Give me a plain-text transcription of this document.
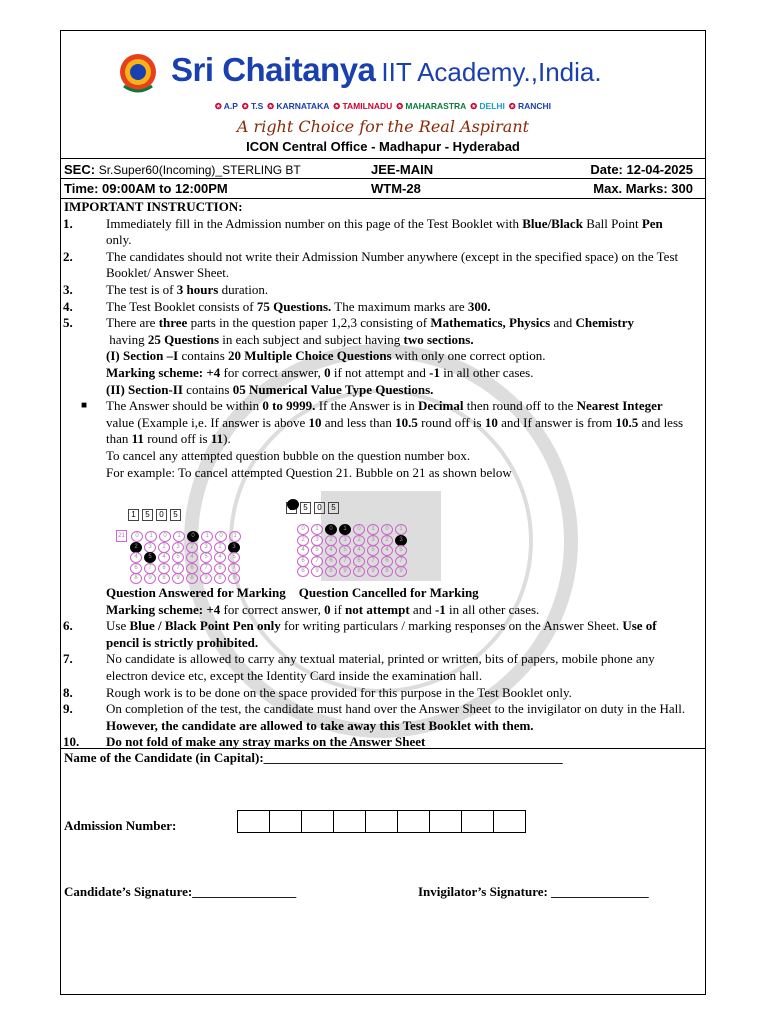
Sri Chaitanya IIT Academy.,India.
✪ A.P ✪ T.S ✪ KARNATAKA ✪ TAMILNADU ✪ MAHARASTRA ✪ DELHI ✪ RANCHI
A right Choice for the Real Aspirant
ICON Central Office - Madhapur - Hyderabad
SEC: Sr.Super60(Incoming)_STERLING BT	JEE-MAIN	Date: 12-04-2025
Time: 09:00AM to 12:00PM	WTM-28	Max. Marks: 300
IMPORTANT INSTRUCTION:
1.	Immediately fill in the Admission number on this page of the Test Booklet with Blue/Black Ball Point Pen only.
2.	The candidates should not write their Admission Number anywhere (except in the specified space) on the Test Booklet/ Answer Sheet.
3.	The test is of 3 hours duration.
4.	The Test Booklet consists of 75 Questions. The maximum marks are 300.
5.	There are three parts in the question paper 1,2,3 consisting of Mathematics, Physics and Chemistry
having 25 Questions in each subject and subject having two sections.
(I) Section –I contains 20 Multiple Choice Questions with only one correct option.
Marking scheme: +4 for correct answer, 0 if not attempt and -1 in all other cases.
(II) Section-II contains 05 Numerical Value Type Questions.
■	The Answer should be within 0 to 9999. If the Answer is in Decimal then round off to the Nearest Integer value (Example i,e. If answer is above 10 and less than 10.5 round off is 10 and If answer is from 10.5 and less than 11 round off is 11).
To cancel any attempted question bubble on the question number box.
For example: To cancel attempted Question 21. Bubble on 21 as shown below
Question Answered for Marking Question Cancelled for Marking
Marking scheme: +4 for correct answer, 0 if not attempt and -1 in all other cases.
6.	Use Blue / Black Point Pen only for writing particulars / marking responses on the Answer Sheet. Use of pencil is strictly prohibited.
7.	No candidate is allowed to carry any textual material, printed or written, bits of papers, mobile phone any electron device etc, except the Identity Card inside the examination hall.
8.	Rough work is to be done on the space provided for this purpose in the Test Booklet only.
9.	On completion of the test, the candidate must hand over the Answer Sheet to the invigilator on duty in the Hall. However, the candidate are allowed to take away this Test Booklet with them.
10.	Do not fold of make any stray marks on the Answer Sheet
1 5 0 5
21 0 1 0 1 0 1 0 1
2 3 2 3 2 3 2 3
4 5 4 5 4 5 4 5
6 7 6 7 6 7 6 7
8 9 8 9 8 9 8 9
5 0 5
0 1 0 1 0 1 0 1
2 3 2 3 2 3 2 3
4 5 4 5 4 5 4 5
6 7 6 7 6 7 6 7
8 9 8 9 8 9 8 9
Name of the Candidate (in Capital):______________________________________________
Admission Number:
Candidate’s Signature:________________	Invigilator’s Signature: _______________
